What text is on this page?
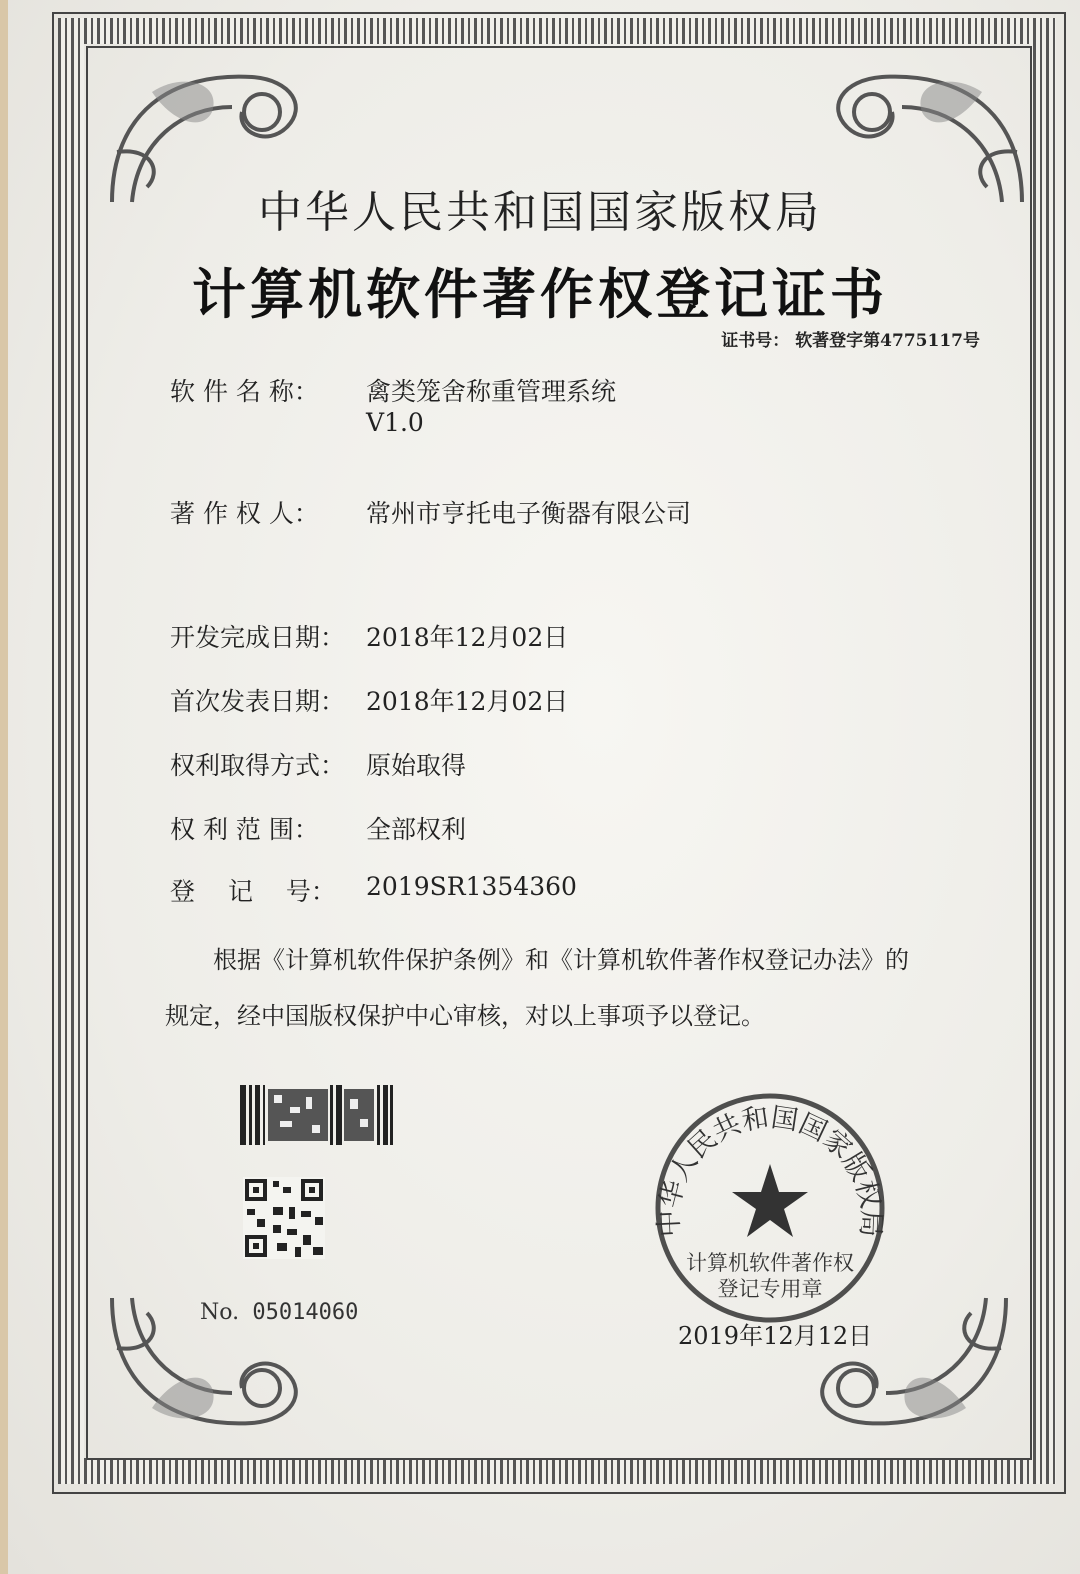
中华人民共和国国家版权局
计算机软件著作权登记证书
证书号： 软著登字第4775117号
软 件 名 称： 禽类笼舍称重管理系统
V1.0
著 作 权 人： 常州市亨托电子衡器有限公司
开发完成日期： 2018年12月02日
首次发表日期： 2018年12月02日
权利取得方式： 原始取得
权 利 范 围： 全部权利
登　 记　 号： 2019SR1354360
根据《计算机软件保护条例》和《计算机软件著作权登记办法》的
规定，经中国版权保护中心审核，对以上事项予以登记。
No. 05014060
中华人民共和国国家版权局
计算机软件著作权
登记专用章
2019年12月12日
